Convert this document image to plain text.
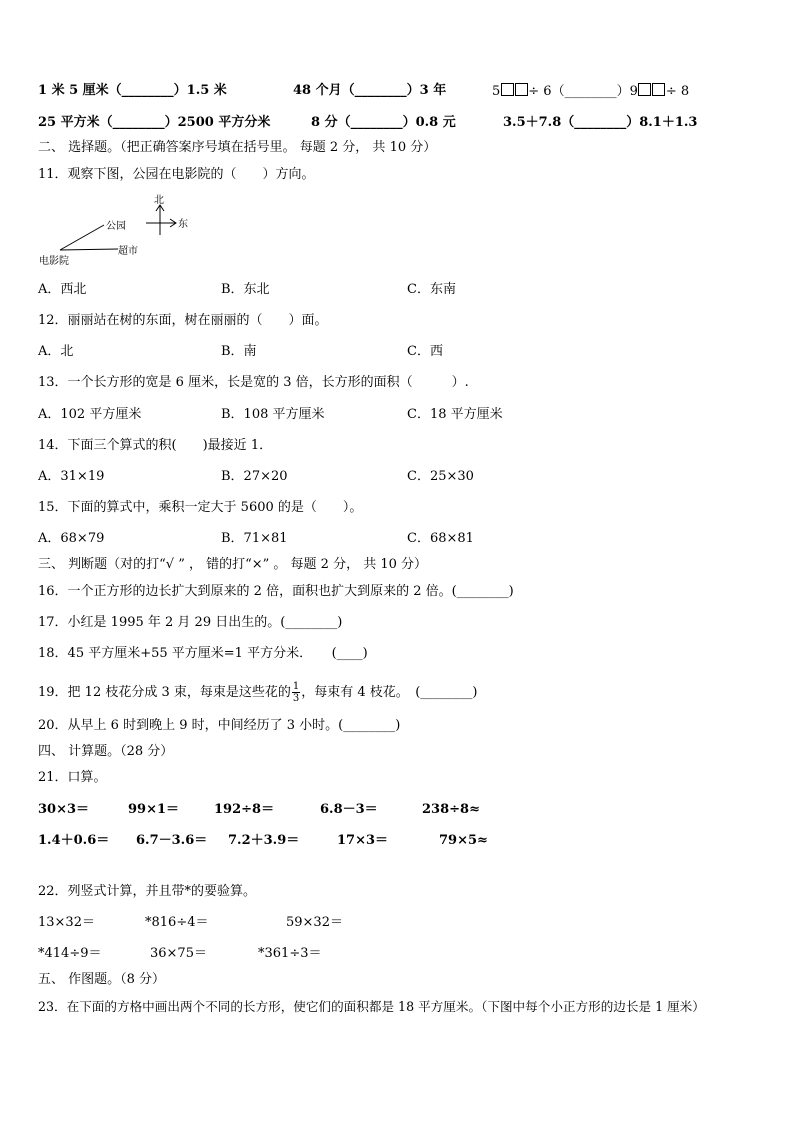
1 米 5 厘米（________）1.5 米	48 个月（________）3 年	5 ÷ 6（________）9 ÷ 8
25 平方米（________）2500 平方分米	8 分（________）0.8 元	3.5＋7.8（________）8.1＋1.3
二、 选择题。（把正确答案序号填在括号里。 每题 2 分， 共 10 分）
11．观察下图，公园在电影院的（　　）方向。
北
东
公园
超市
电影院
A．西北	B．东北	C．东南
12．丽丽站在树的东面，树在丽丽的（　　）面。
A．北	B．南	C．西
13．一个长方形的宽是 6 厘米，长是宽的 3 倍，长方形的面积（　　　）.
A．102 平方厘米	B．108 平方厘米	C．18 平方厘米
14．下面三个算式的积(　　)最接近 1．
A．31×19	B．27×20	C．25×30
15．下面的算式中，乘积一定大于 5600 的是（　　）。
A．68×79	B．71×81	C．68×81
三、 判断题（对的打“√ ” ， 错的打“×” 。 每题 2 分， 共 10 分）
16．一个正方形的边长扩大到原来的 2 倍，面积也扩大到原来的 2 倍。(________)
17．小红是 1995 年 2 月 29 日出生的。(________)
18．45 平方厘米+55 平方厘米=1 平方分米．　　(____)
19．把 12 枝花分成 3 束，每束是这些花的 $\frac{1}{3}$ ，每束有 4 枝花。　(________)
20．从早上 6 时到晚上 9 时，中间经历了 3 小时。(________)
四、 计算题。（28 分）
21．口算。
30×3＝	99×1＝	192÷8＝	6.8－3＝	238÷8≈
1.4＋0.6＝ 6.7－3.6＝ 7.2＋3.9＝	17×3＝	79×5≈
22．列竖式计算，并且带*的要验算。
13×32＝	*816÷4＝	59×32＝
*414÷9＝	36×75＝	*361÷3＝
五、 作图题。（8 分）
23．在下面的方格中画出两个不同的长方形，使它们的面积都是 18 平方厘米。（下图中每个小正方形的边长是 1 厘米）
